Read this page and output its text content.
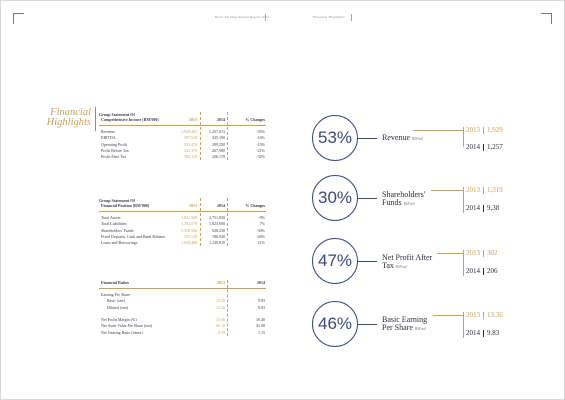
Basic Earning Annual Report 2014	Financial Highlights
Financial
Highlights
Group Statement Of
Comprehensive Income (RM'000)	2013	2014	% Changes
Revenue	1,929,403	1,257,013	-35%
EBITDA	397,530	335,190	-16%
Operating Profit	353,470	299,250	-15%
Profit Before Tax	341,370	267,980	-21%
Profit After Tax	302,110	206,170	-32%
Group Statement Of
Financial Position (RM'000)	2013	2014	% Changes
Total Assets	3,021,500	2,751,830	-9%
Total Liabilities	1,702,570	1,823,600	7%
Shareholders' Funds	1,318,930	928,230	-30%
Fixed Deposits, Cash and Bank Balance	252,120	186,920	-26%
Loans and Borrowings	1,030,480	1,249,810	21%
Financial Ratios	2013	2014
Earning Per Share
Basic (sen)	13.36	9.83
Diluted (sen)	13.36	9.83
Net Profit Margin (%)	15.66	16.40
Net Asset Value Per Share (sen)	60.10	41.00
Net Gearing Ratio (times)	0.59	1.15
53%	Revenue RM'mil
2013 1,929
2014 1,257
30%	Shareholders'
Funds RM'mil
2013 1,319
2014 9,38
47%	Net Profit After
Tax RM'mil
2013 302
2014 206
46%	Basic Earning
Per Share RM'mil
2013 13.36
2014 9.83
